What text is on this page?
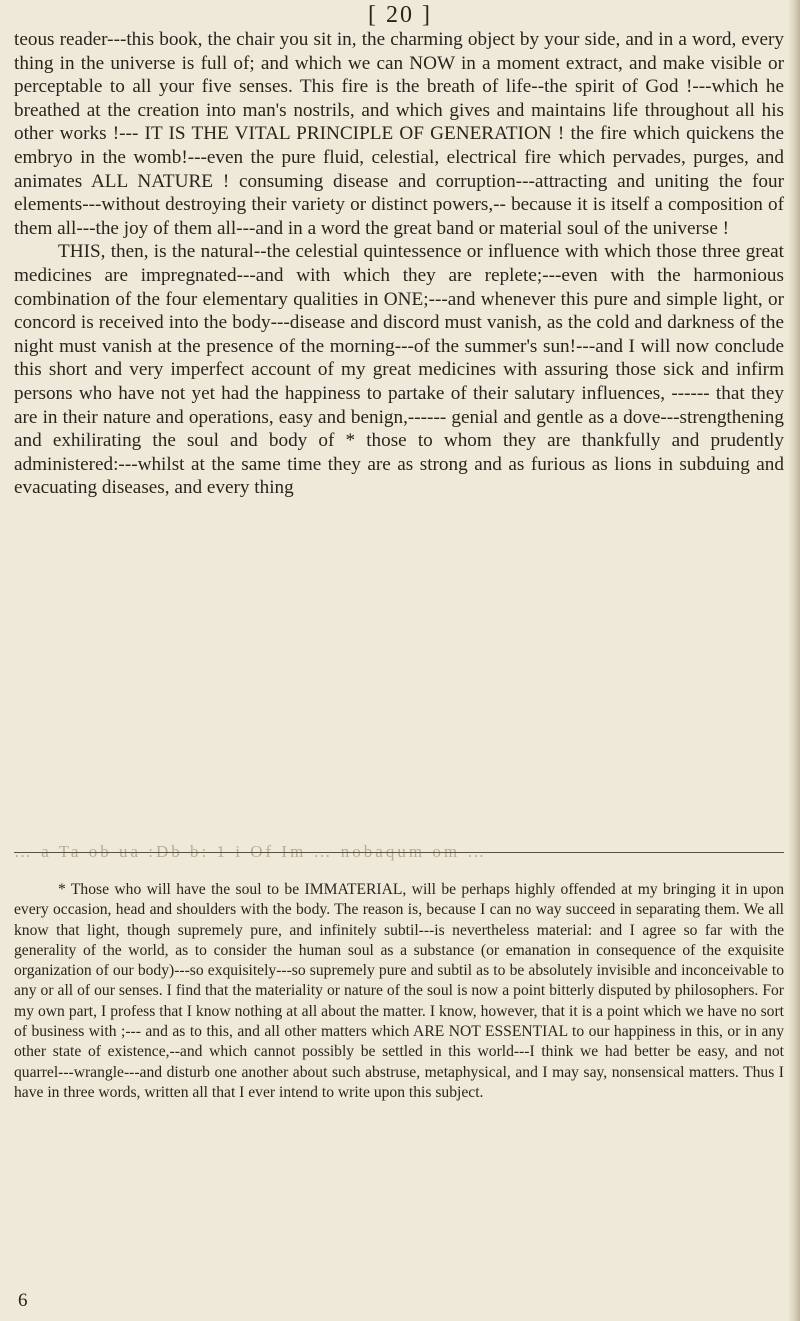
[ 20 ]

teous reader---this book, the chair you sit in, the charming object by your side, and in a word, every thing in the universe is full of; and which we can NOW in a moment extract, and make visible or perceptable to all your five senses. This fire is the breath of life--the spirit of God !---which he breathed at the creation into man's nostrils, and which gives and maintains life throughout all his other works !--- IT IS THE VITAL PRINCIPLE OF GENERATION ! the fire which quickens the embryo in the womb!---even the pure fluid, celestial, electrical fire which pervades, purges, and animates ALL NATURE ! consuming disease and corruption---attracting and uniting the four elements---without destroying their variety or distinct powers,-- because it is itself a composition of them all---the joy of them all---and in a word the great band or material soul of the universe !

THIS, then, is the natural--the celestial quintessence or influence with which those three great medicines are impregnated---and with which they are replete;---even with the harmonious combination of the four elementary qualities in ONE;---and whenever this pure and simple light, or concord is received into the body---disease and discord must vanish, as the cold and darkness of the night must vanish at the presence of the morning---of the summer's sun!---and I will now conclude this short and very imperfect account of my great medicines with assuring those sick and infirm persons who have not yet had the happiness to partake of their salutary influences, ------ that they are in their nature and operations, easy and benign,------ genial and gentle as a dove---strengthening and exhilirating the soul and body of * those to whom they are thankfully and prudently administered:---whilst at the same time they are as strong and as furious as lions in subduing and evacuating diseases, and every thing

… a Ta ob ua :Db b: 1 i Of Im … nobaqum om …

* Those who will have the soul to be IMMATERIAL, will be perhaps highly offended at my bringing it in upon every occasion, head and shoulders with the body. The reason is, because I can no way succeed in separating them. We all know that light, though supremely pure, and infinitely subtil---is nevertheless material: and I agree so far with the generality of the world, as to consider the human soul as a substance (or emanation in consequence of the exquisite organization of our body)---so exquisitely---so supremely pure and subtil as to be absolutely invisible and inconceivable to any or all of our senses. I find that the materiality or nature of the soul is now a point bitterly disputed by philosophers. For my own part, I profess that I know nothing at all about the matter. I know, however, that it is a point which we have no sort of business with ;--- and as to this, and all other matters which ARE NOT ESSENTIAL to our happiness in this, or in any other state of existence,--and which cannot possibly be settled in this world---I think we had better be easy, and not quarrel---wrangle---and disturb one another about such abstruse, metaphysical, and I may say, nonsensical matters. Thus I have in three words, written all that I ever intend to write upon this subject.

6
